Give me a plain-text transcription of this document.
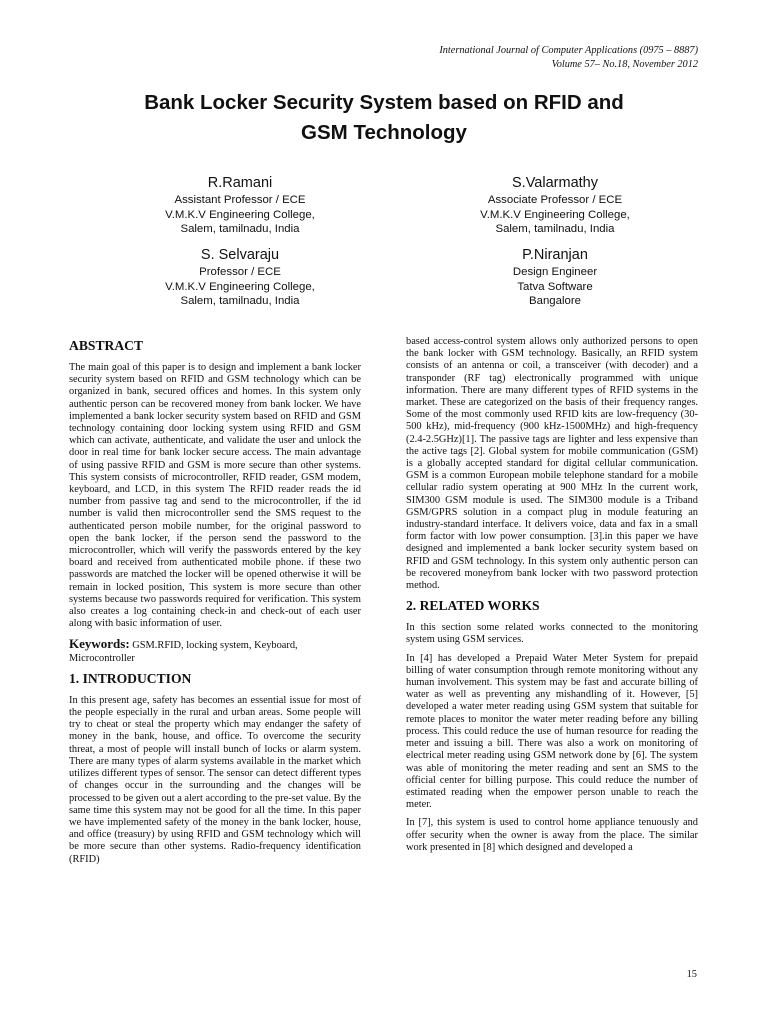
International Journal of Computer Applications (0975 – 8887)
Volume 57– No.18, November 2012
Bank Locker Security System based on RFID and
GSM Technology
R.Ramani
Assistant Professor / ECE
V.M.K.V Engineering College,
Salem, tamilnadu, India
S.Valarmathy
Associate Professor / ECE
V.M.K.V Engineering College,
Salem, tamilnadu, India
S. Selvaraju
Professor / ECE
V.M.K.V Engineering College,
Salem, tamilnadu, India
P.Niranjan
Design Engineer
Tatva Software
Bangalore
ABSTRACT

The main goal of this paper is to design and implement a bank locker security system based on RFID and GSM technology which can be organized in bank, secured offices and homes. In this system only authentic person can be recovered money from bank locker. We have implemented a bank locker security system based on RFID and GSM technology containing door locking system using RFID and GSM which can activate, authenticate, and validate the user and unlock the door in real time for bank locker secure access. The main advantage of using passive RFID and GSM is more secure than other systems. This system consists of microcontroller, RFID reader, GSM modem, keyboard, and LCD, in this system The RFID reader reads the id number from passive tag and send to the microcontroller, if the id number is valid then microcontroller send the SMS request to the authenticated person mobile number, for the original password to open the bank locker, if the person send the password to the microcontroller, which will verify the passwords entered by the key board and received from authenticated mobile phone. if these two passwords are matched the locker will be opened otherwise it will be remain in locked position, This system is more secure than other systems because two passwords required for verification. This system also creates a log containing check-in and check-out of each user along with basic information of user.

Keywords: GSM.RFID, locking system, Keyboard, Microcontroller

1. INTRODUCTION

In this present age, safety has becomes an essential issue for most of the people especially in the rural and urban areas. Some people will try to cheat or steal the property which may endanger the safety of money in the bank, house, and office. To overcome the security threat, a most of people will install bunch of locks or alarm system. There are many types of alarm systems available in the market which utilizes different types of sensor. The sensor can detect different types of changes occur in the surrounding and the changes will be processed to be given out a alert according to the pre-set value. By the same time this system may not be good for all the time. In this paper we have implemented safety of the money in the bank locker, house, and office (treasury) by using RFID and GSM technology which will be more secure than other systems. Radio-frequency identification (RFID)

based access-control system allows only authorized persons to open the bank locker with GSM technology. Basically, an RFID system consists of an antenna or coil, a transceiver (with decoder) and a transponder (RF tag) electronically programmed with unique information. There are many different types of RFID systems in the market. These are categorized on the basis of their frequency ranges. Some of the most commonly used RFID kits are low-frequency (30-500 kHz), mid-frequency (900 kHz-1500MHz) and high-frequency (2.4-2.5GHz)[1]. The passive tags are lighter and less expensive than the active tags [2]. Global system for mobile communication (GSM) is a globally accepted standard for digital cellular communication. GSM is a common European mobile telephone standard for a mobile cellular radio system operating at 900 MHz In the current work, SIM300 GSM module is used. The SIM300 module is a Triband GSM/GPRS solution in a compact plug in module featuring an industry-standard interface. It delivers voice, data and fax in a small form factor with low power consumption. [3].in this paper we have designed and implemented a bank locker security system based on RFID and GSM technology. In this system only authentic person can be recovered moneyfrom bank locker with two password protection method.

2. RELATED WORKS

In this section some related works connected to the monitoring system using GSM services.

In [4] has developed a Prepaid Water Meter System for prepaid billing of water consumption through remote monitoring without any human involvement. This system may be fast and accurate billing of water as well as preventing any mishandling of it. However, [5] developed a water meter reading using GSM system that suitable for remote places to monitor the water meter reading before any billing process. This could reduce the use of human resource for reading the meter and issuing a bill. There was also a work on monitoring of electrical meter reading using GSM network done by [6]. The system was able of monitoring the meter reading and sent an SMS to the official center for billing purpose. This could reduce the number of estimated reading when the empower person unable to reach the meter.

In [7], this system is used to control home appliance tenuously and offer security when the owner is away from the place. The similar work presented in [8] which designed and developed a

15
